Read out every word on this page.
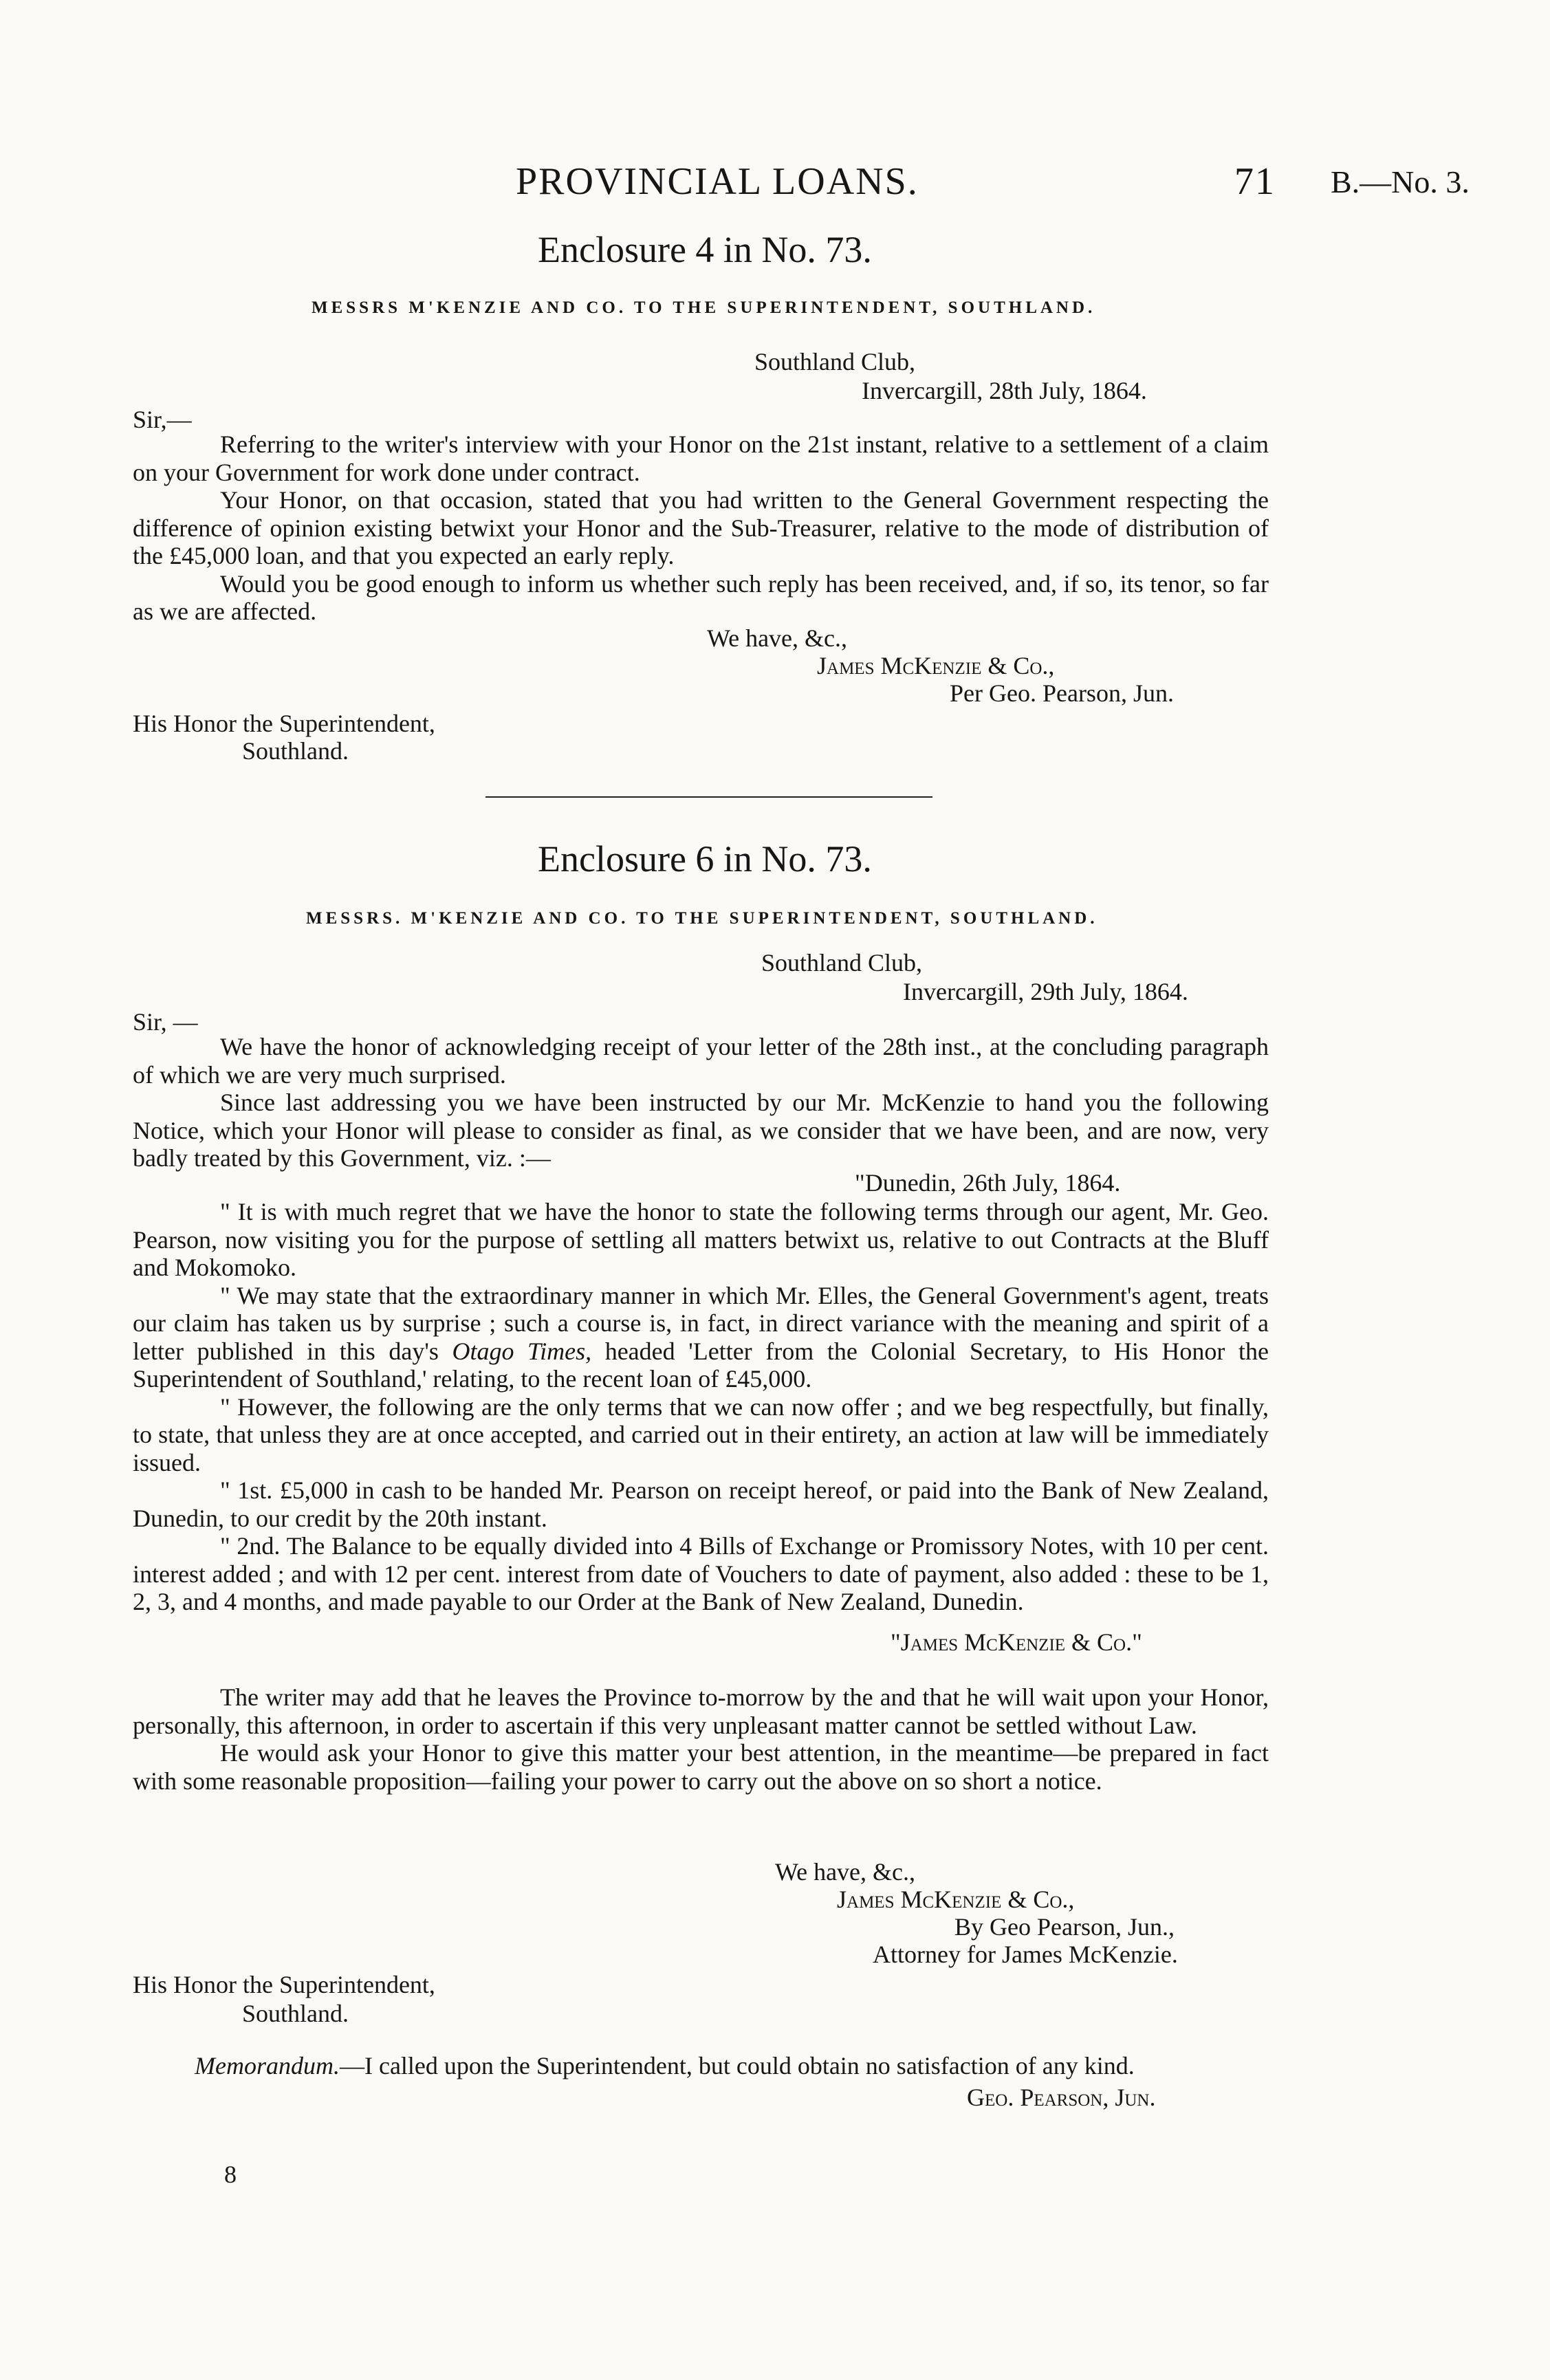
PROVINCIAL LOANS.	71 B.—No. 3.
Enclosure 4 in No. 73.
MESSRS M'KENZIE AND CO. TO THE SUPERINTENDENT, SOUTHLAND.
Southland Club,
Invercargill, 28th July, 1864.
Sir,—

Referring to the writer's interview with your Honor on the 21st instant, relative to a settlement of a claim on your Government for work done under contract.

Your Honor, on that occasion, stated that you had written to the General Government respecting the difference of opinion existing betwixt your Honor and the Sub-Treasurer, relative to the mode of distribution of the £45,000 loan, and that you expected an early reply.

Would you be good enough to inform us whether such reply has been received, and, if so, its tenor, so far as we are affected.

We have, &c.,
James McKenzie & Co.,
Per Geo. Pearson, Jun.
His Honor the Superintendent,
Southland.
Enclosure 6 in No. 73.
MESSRS. M'KENZIE AND CO. TO THE SUPERINTENDENT, SOUTHLAND.
Southland Club,
Invercargill, 29th July, 1864.
Sir, —

We have the honor of acknowledging receipt of your letter of the 28th inst., at the concluding paragraph of which we are very much surprised.

Since last addressing you we have been instructed by our Mr. McKenzie to hand you the following Notice, which your Honor will please to consider as final, as we consider that we have been, and are now, very badly treated by this Government, viz. :—

"Dunedin, 26th July, 1864.

" It is with much regret that we have the honor to state the following terms through our agent, Mr. Geo. Pearson, now visiting you for the purpose of settling all matters betwixt us, relative to out Contracts at the Bluff and Mokomoko.

" We may state that the extraordinary manner in which Mr. Elles, the General Government's agent, treats our claim has taken us by surprise ; such a course is, in fact, in direct variance with the meaning and spirit of a letter published in this day's Otago Times, headed 'Letter from the Colonial Secretary, to His Honor the Superintendent of Southland,' relating, to the recent loan of £45,000.

" However, the following are the only terms that we can now offer ; and we beg respectfully, but finally, to state, that unless they are at once accepted, and carried out in their entirety, an action at law will be immediately issued.

" 1st. £5,000 in cash to be handed Mr. Pearson on receipt hereof, or paid into the Bank of New Zealand, Dunedin, to our credit by the 20th instant.

" 2nd. The Balance to be equally divided into 4 Bills of Exchange or Promissory Notes, with 10 per cent. interest added ; and with 12 per cent. interest from date of Vouchers to date of payment, also added : these to be 1, 2, 3, and 4 months, and made payable to our Order at the Bank of New Zealand, Dunedin.

"James McKenzie & Co."

The writer may add that he leaves the Province to-morrow by the and that he will wait upon your Honor, personally, this afternoon, in order to ascertain if this very unpleasant matter cannot be settled without Law.

He would ask your Honor to give this matter your best attention, in the meantime—be prepared in fact with some reasonable proposition—failing your power to carry out the above on so short a notice.

We have, &c.,
James McKenzie & Co.,
By Geo Pearson, Jun.,
Attorney for James McKenzie.
His Honor the Superintendent,
Southland.
Memorandum.—I called upon the Superintendent, but could obtain no satisfaction of any kind.
Geo. Pearson, Jun.
8
